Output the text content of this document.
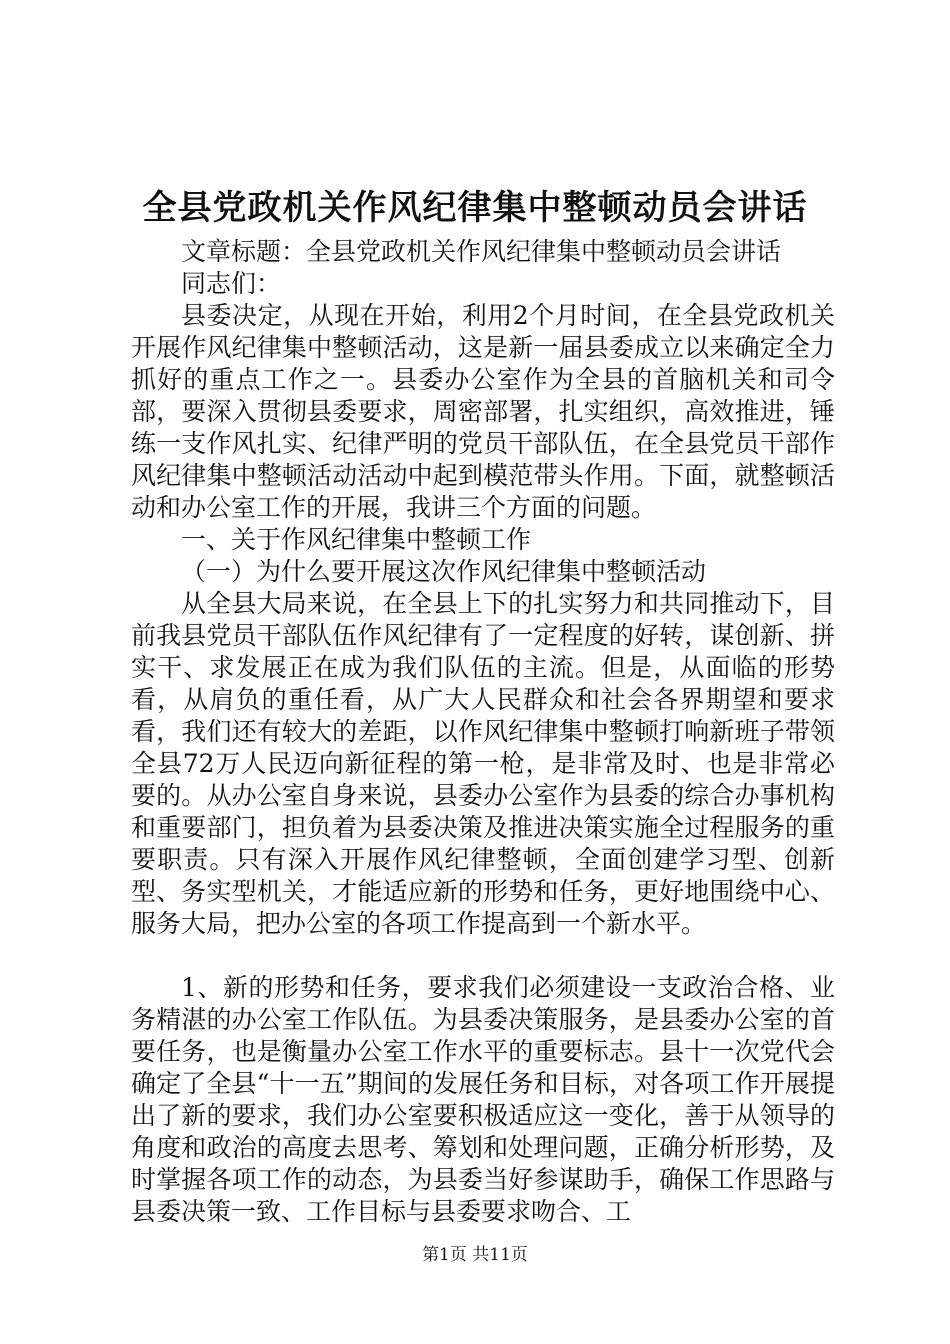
全县党政机关作风纪律集中整顿动员会讲话

文章标题：全县党政机关作风纪律集中整顿动员会讲话

同志们：

县委决定，从现在开始，利用2个月时间，在全县党政机关开展作风纪律集中整顿活动，这是新一届县委成立以来确定全力抓好的重点工作之一。县委办公室作为全县的首脑机关和司令部，要深入贯彻县委要求，周密部署，扎实组织，高效推进，锤练一支作风扎实、纪律严明的党员干部队伍，在全县党员干部作风纪律集中整顿活动活动中起到模范带头作用。下面，就整顿活动和办公室工作的开展，我讲三个方面的问题。

一、关于作风纪律集中整顿工作

（一）为什么要开展这次作风纪律集中整顿活动

从全县大局来说，在全县上下的扎实努力和共同推动下，目前我县党员干部队伍作风纪律有了一定程度的好转，谋创新、拼实干、求发展正在成为我们队伍的主流。但是，从面临的形势看，从肩负的重任看，从广大人民群众和社会各界期望和要求看，我们还有较大的差距，以作风纪律集中整顿打响新班子带领全县72万人民迈向新征程的第一枪，是非常及时、也是非常必要的。从办公室自身来说，县委办公室作为县委的综合办事机构和重要部门，担负着为县委决策及推进决策实施全过程服务的重要职责。只有深入开展作风纪律整顿，全面创建学习型、创新型、务实型机关，才能适应新的形势和任务，更好地围绕中心、服务大局，把办公室的各项工作提高到一个新水平。

1、新的形势和任务，要求我们必须建设一支政治合格、业务精湛的办公室工作队伍。为县委决策服务，是县委办公室的首要任务，也是衡量办公室工作水平的重要标志。县十一次党代会确定了全县“十一五”期间的发展任务和目标，对各项工作开展提出了新的要求，我们办公室要积极适应这一变化，善于从领导的角度和政治的高度去思考、筹划和处理问题，正确分析形势，及时掌握各项工作的动态，为县委当好参谋助手，确保工作思路与县委决策一致、工作目标与县委要求吻合、工

第1页 共11页
